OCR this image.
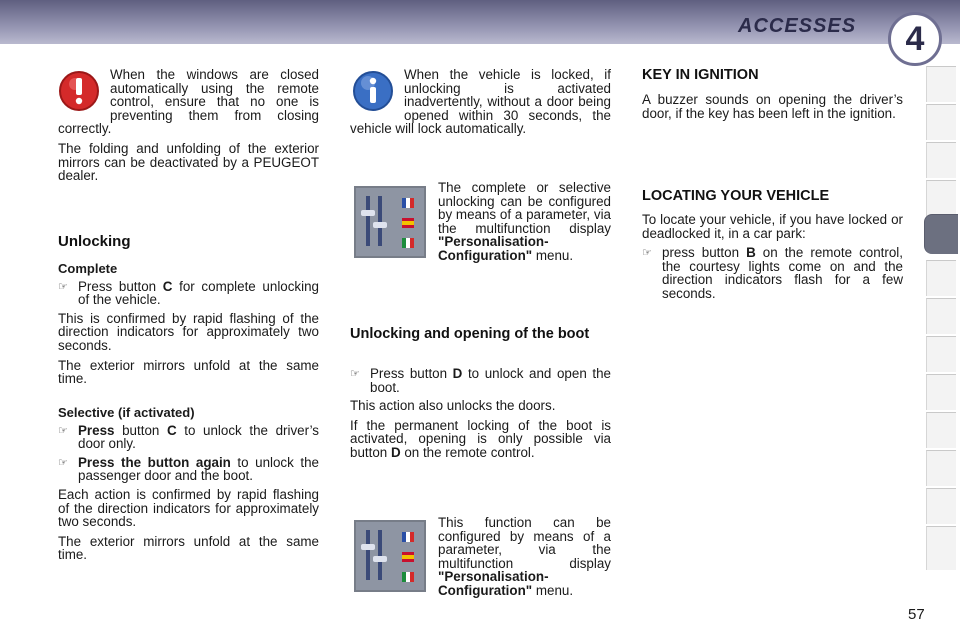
ACCESSES	4

When the windows are closed automatically using the remote control, ensure that no one is preventing them from closing correctly.

The folding and unfolding of the exterior mirrors can be deactivated by a PEUGEOT dealer.

Unlocking
Complete
☞ Press button C for complete unlocking of the vehicle.

This is confirmed by rapid flashing of the direction indicators for approximately two seconds.

The exterior mirrors unfold at the same time.

Selective (if activated)
☞ Press button C to unlock the driver’s door only.
☞ Press the button again to unlock the passenger door and the boot.

Each action is confirmed by rapid flashing of the direction indicators for approximately two seconds.

The exterior mirrors unfold at the same time.

When the vehicle is locked, if unlocking is activated inadvertently, without a door being opened within 30 seconds, the vehicle will lock automatically.

The complete or selective unlocking can be configured by means of a parameter, via the multifunction display "Personalisation-Configuration" menu.

Unlocking and opening of the boot
☞ Press button D to unlock and open the boot.

This action also unlocks the doors.

If the permanent locking of the boot is activated, opening is only possible via button D on the remote control.

This function can be configured by means of a parameter, via the multifunction display "Personalisation-Configuration" menu.

KEY IN IGNITION

A buzzer sounds on opening the driver’s door, if the key has been left in the ignition.

LOCATING YOUR VEHICLE

To locate your vehicle, if you have locked or deadlocked it, in a car park:

☞ press button B on the remote control, the courtesy lights come on and the direction indicators flash for a few seconds.
57
